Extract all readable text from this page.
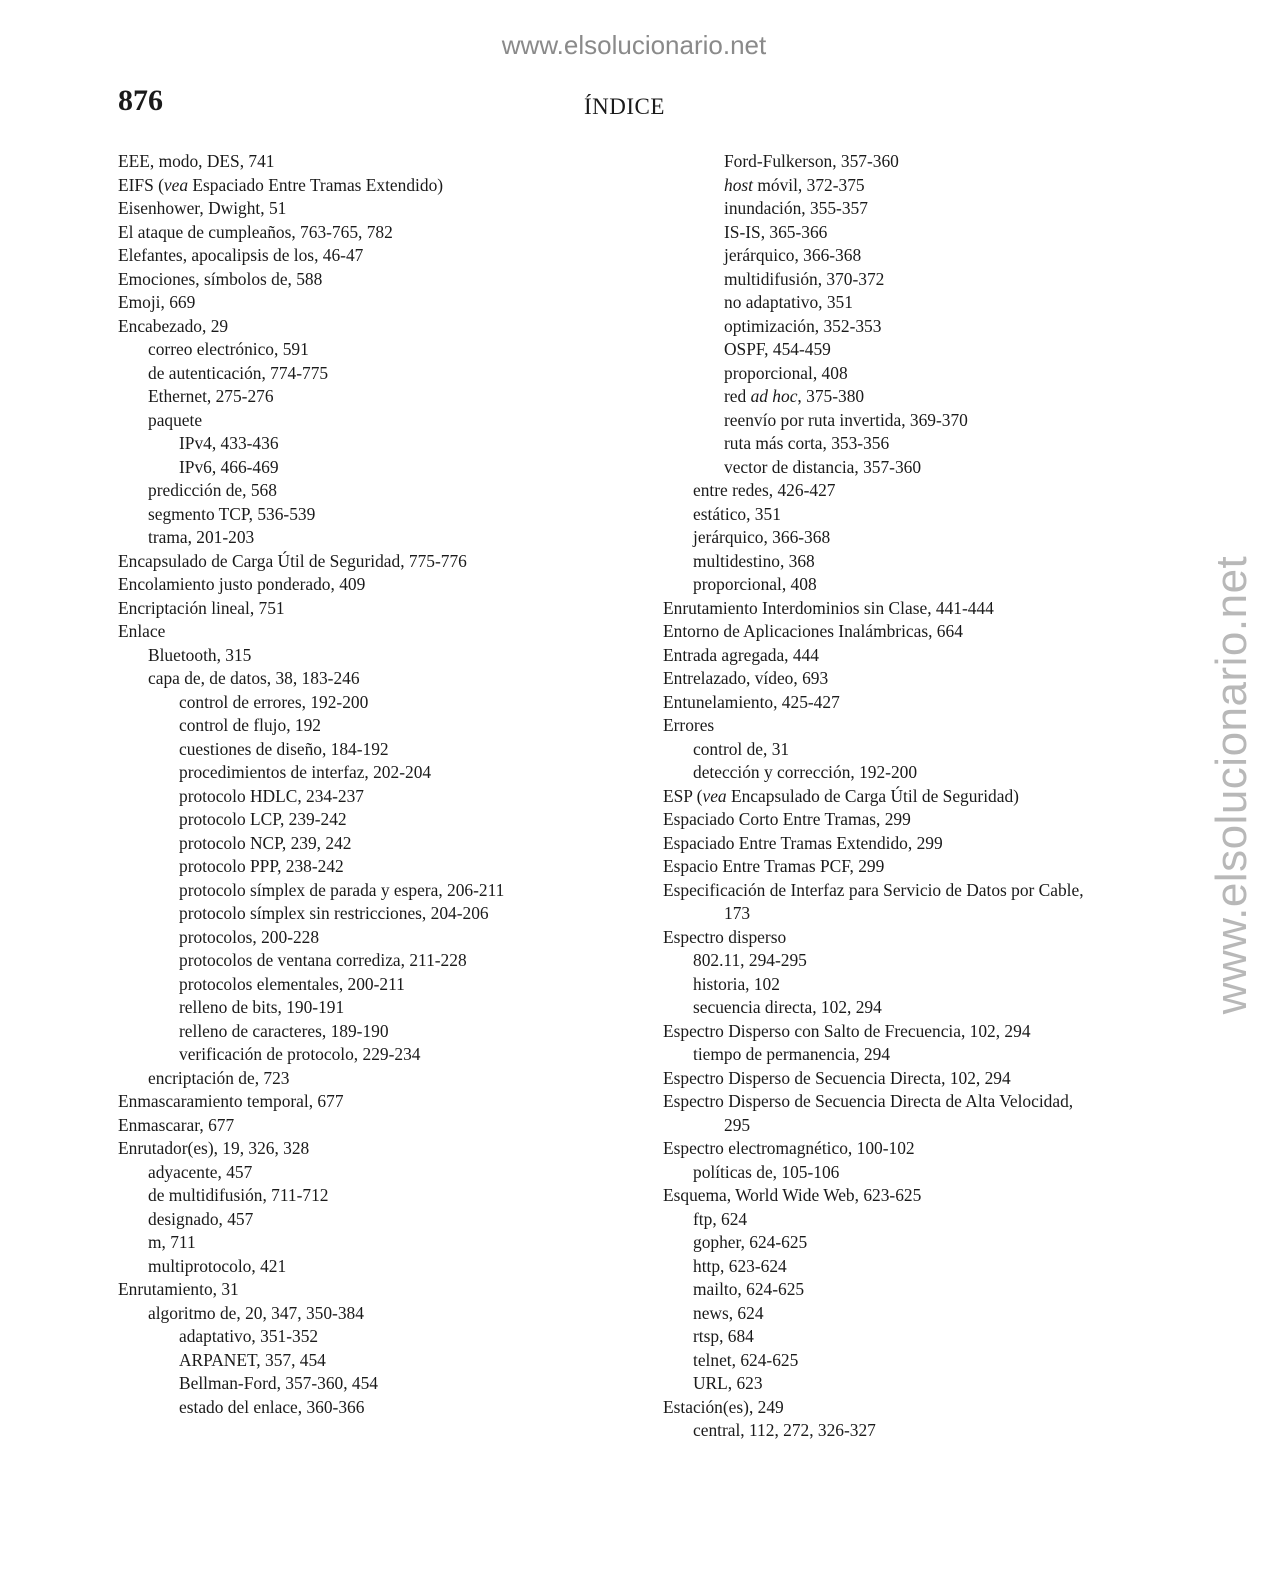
www.elsolucionario.net
www.elsolucionario.net
876	ÍNDICE
EEE, modo, DES, 741
EIFS (vea Espaciado Entre Tramas Extendido)
Eisenhower, Dwight, 51
El ataque de cumpleaños, 763-765, 782
Elefantes, apocalipsis de los, 46-47
Emociones, símbolos de, 588
Emoji, 669
Encabezado, 29
correo electrónico, 591
de autenticación, 774-775
Ethernet, 275-276
paquete
IPv4, 433-436
IPv6, 466-469
predicción de, 568
segmento TCP, 536-539
trama, 201-203
Encapsulado de Carga Útil de Seguridad, 775-776
Encolamiento justo ponderado, 409
Encriptación lineal, 751
Enlace
Bluetooth, 315
capa de, de datos, 38, 183-246
control de errores, 192-200
control de flujo, 192
cuestiones de diseño, 184-192
procedimientos de interfaz, 202-204
protocolo HDLC, 234-237
protocolo LCP, 239-242
protocolo NCP, 239, 242
protocolo PPP, 238-242
protocolo símplex de parada y espera, 206-211
protocolo símplex sin restricciones, 204-206
protocolos, 200-228
protocolos de ventana corrediza, 211-228
protocolos elementales, 200-211
relleno de bits, 190-191
relleno de caracteres, 189-190
verificación de protocolo, 229-234
encriptación de, 723
Enmascaramiento temporal, 677
Enmascarar, 677
Enrutador(es), 19, 326, 328
adyacente, 457
de multidifusión, 711-712
designado, 457
m, 711
multiprotocolo, 421
Enrutamiento, 31
algoritmo de, 20, 347, 350-384
adaptativo, 351-352
ARPANET, 357, 454
Bellman-Ford, 357-360, 454
estado del enlace, 360-366
Ford-Fulkerson, 357-360
host móvil, 372-375
inundación, 355-357
IS-IS, 365-366
jerárquico, 366-368
multidifusión, 370-372
no adaptativo, 351
optimización, 352-353
OSPF, 454-459
proporcional, 408
red ad hoc, 375-380
reenvío por ruta invertida, 369-370
ruta más corta, 353-356
vector de distancia, 357-360
entre redes, 426-427
estático, 351
jerárquico, 366-368
multidestino, 368
proporcional, 408
Enrutamiento Interdominios sin Clase, 441-444
Entorno de Aplicaciones Inalámbricas, 664
Entrada agregada, 444
Entrelazado, vídeo, 693
Entunelamiento, 425-427
Errores
control de, 31
detección y corrección, 192-200
ESP (vea Encapsulado de Carga Útil de Seguridad)
Espaciado Corto Entre Tramas, 299
Espaciado Entre Tramas Extendido, 299
Espacio Entre Tramas PCF, 299
Especificación de Interfaz para Servicio de Datos por Cable,
173
Espectro disperso
802.11, 294-295
historia, 102
secuencia directa, 102, 294
Espectro Disperso con Salto de Frecuencia, 102, 294
tiempo de permanencia, 294
Espectro Disperso de Secuencia Directa, 102, 294
Espectro Disperso de Secuencia Directa de Alta Velocidad,
295
Espectro electromagnético, 100-102
políticas de, 105-106
Esquema, World Wide Web, 623-625
ftp, 624
gopher, 624-625
http, 623-624
mailto, 624-625
news, 624
rtsp, 684
telnet, 624-625
URL, 623
Estación(es), 249
central, 112, 272, 326-327
